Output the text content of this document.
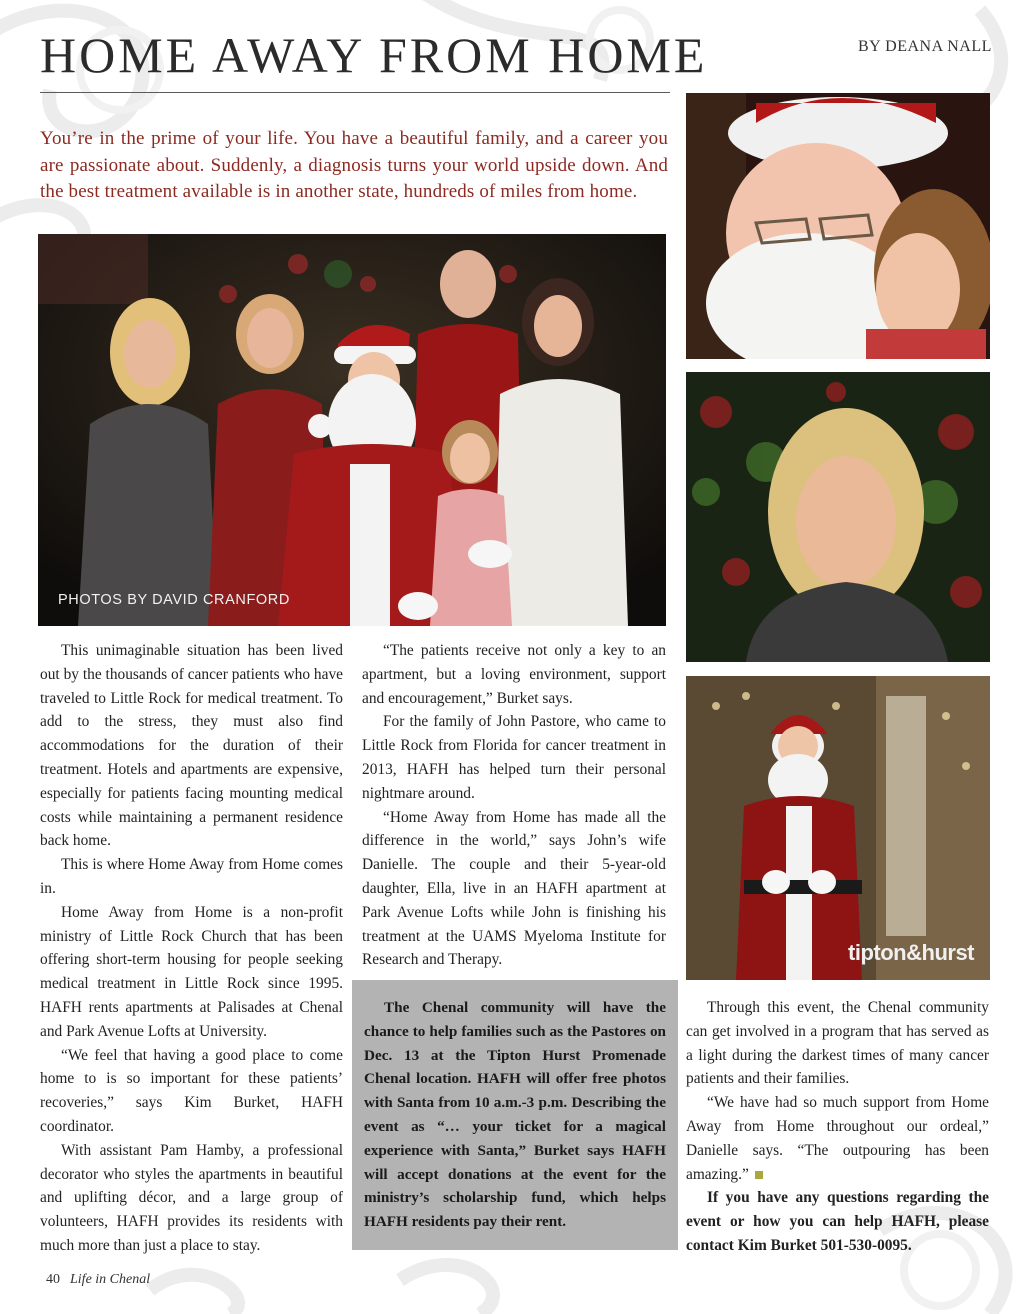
HOME AWAY FROM HOME	BY DEANA NALL
You’re in the prime of your life. You have a beautiful family, and a career you are passionate about. Suddenly, a diagnosis turns your world upside down. And the best treatment available is in another state, hundreds of miles from home.
PHOTOS BY DAVID CRANFORD
tipton&hurst

This unimaginable situation has been lived out by the thousands of cancer patients who have traveled to Little Rock for medical treatment. To add to the stress, they must also find accommodations for the duration of their treatment. Hotels and apartments are expensive, especially for patients facing mounting medical costs while maintaining a permanent residence back home.

This is where Home Away from Home comes in.

Home Away from Home is a non-profit ministry of Little Rock Church that has been offering short-term housing for people seeking medical treatment in Little Rock since 1995. HAFH rents apartments at Palisades at Chenal and Park Avenue Lofts at University.

“We feel that having a good place to come home to is so important for these patients’ recoveries,” says Kim Burket, HAFH coordinator.

With assistant Pam Hamby, a professional decorator who styles the apartments in beautiful and uplifting décor, and a large group of volunteers, HAFH provides its residents with much more than just a place to stay.

“The patients receive not only a key to an apartment, but a loving environment, support and encouragement,” Burket says.

For the family of John Pastore, who came to Little Rock from Florida for cancer treatment in 2013, HAFH has helped turn their personal nightmare around.

“Home Away from Home has made all the difference in the world,” says John’s wife Danielle. The couple and their 5-year-old daughter, Ella, live in an HAFH apartment at Park Avenue Lofts while John is finishing his treatment at the UAMS Myeloma Institute for Research and Therapy.

The Chenal community will have the chance to help families such as the Pastores on Dec. 13 at the Tipton Hurst Promenade Chenal location. HAFH will offer free photos with Santa from 10 a.m.-3 p.m. Describing the event as “… your ticket for a magical experience with Santa,” Burket says HAFH will accept donations at the event for the ministry’s scholarship fund, which helps HAFH residents pay their rent.

Through this event, the Chenal community can get involved in a program that has served as a light during the darkest times of many cancer patients and their families.

“We have had so much support from Home Away from Home throughout our ordeal,” Danielle says. “The outpouring has been amazing.”

If you have any questions regarding the event or how you can help HAFH, please contact Kim Burket 501-530-0095.

40 Life in Chenal
